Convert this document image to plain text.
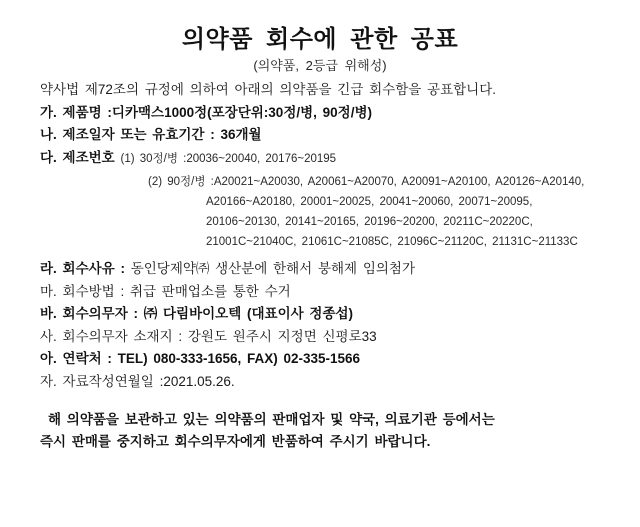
의약품 회수에 관한 공표
(의약품, 2등급 위해성)

약사법 제72조의 규정에 의하여 아래의 의약품을 긴급 회수함을 공표합니다.

가. 제품명 :디카맥스1000정(포장단위:30정/병, 90정/병)

나. 제조일자 또는 유효기간 : 36개월

다. 제조번호 (1) 30정/병 :20036~20040, 20176~20195

(2) 90정/병 :A20021~A20030, A20061~A20070, A20091~A20100, A20126~A20140,

A20166~A20180, 20001~20025, 20041~20060, 20071~20095,

20106~20130, 20141~20165, 20196~20200, 20211C~20220C,

21001C~21040C, 21061C~21085C, 21096C~21120C, 21131C~21133C

라. 회수사유 : 동인당제약㈜ 생산분에 한해서 붕해제 임의첨가

마. 회수방법 : 취급 판매업소를 통한 수거

바. 회수의무자 : ㈜ 다림바이오텍 (대표이사 정종섭)

사. 회수의무자 소재지 : 강원도 원주시 지정면 신평로33

아. 연락처 : TEL) 080-333-1656, FAX) 02-335-1566

자. 자료작성연월일 :2021.05.26.

해 의약품을 보관하고 있는 의약품의 판매업자 및 약국, 의료기관 등에서는

즉시 판매를 중지하고 회수의무자에게 반품하여 주시기 바랍니다.
